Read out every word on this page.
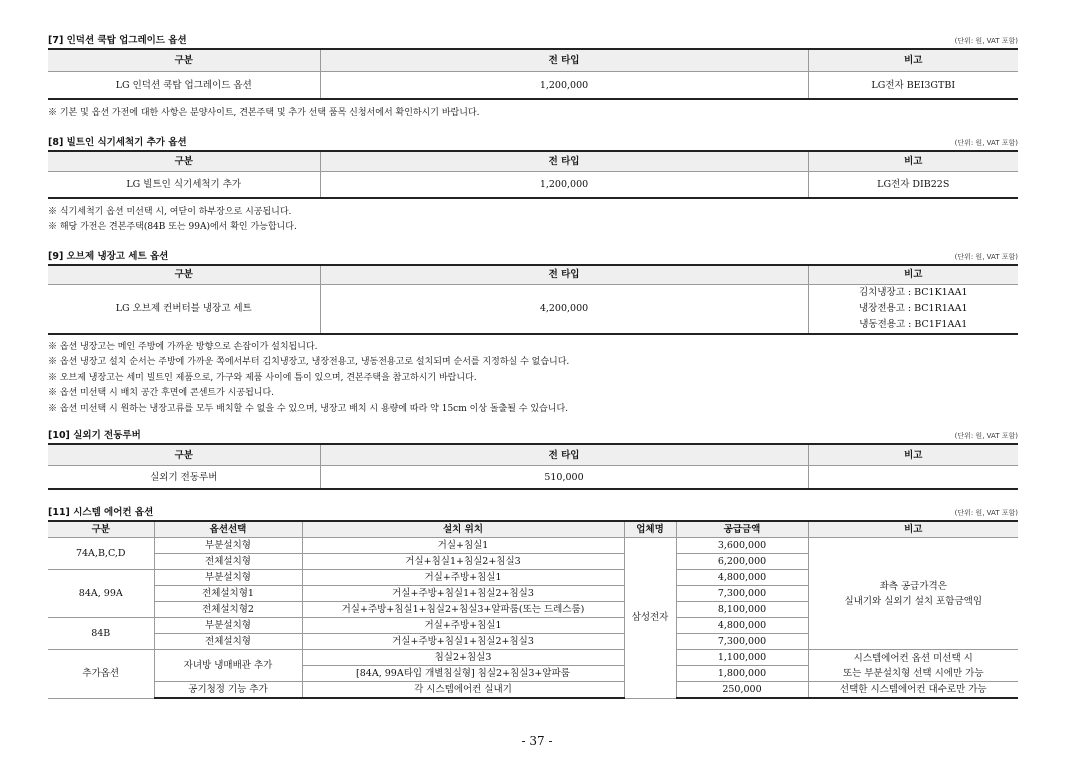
[7] 인덕션 쿡탑 업그레이드 옵션	(단위: 원, VAT 포함)
구분	전 타입	비고
LG 인덕션 쿡탑 업그레이드 옵션	1,200,000	LG전자 BEI3GTBI
※ 기본 및 옵션 가전에 대한 사항은 분양사이트, 견본주택 및 추가 선택 품목 신청서에서 확인하시기 바랍니다.
[8] 빌트인 식기세척기 추가 옵션	(단위: 원, VAT 포함)
구분	전 타입	비고
LG 빌트인 식기세척기 추가	1,200,000	LG전자 DIB22S
※ 식기세척기 옵션 미선택 시, 여닫이 하부장으로 시공됩니다.
※ 해당 가전은 견본주택(84B 또는 99A)에서 확인 가능합니다.
[9] 오브제 냉장고 세트 옵션	(단위: 원, VAT 포함)
구분	전 타입	비고
LG 오브제 컨버터블 냉장고 세트	4,200,000	김치냉장고 : BC1K1AA1
냉장전용고 : BC1R1AA1
냉동전용고 : BC1F1AA1
※ 옵션 냉장고는 메인 주방에 가까운 방향으로 손잡이가 설치됩니다.
※ 옵션 냉장고 설치 순서는 주방에 가까운 쪽에서부터 김치냉장고, 냉장전용고, 냉동전용고로 설치되며 순서를 지정하실 수 없습니다.
※ 오브제 냉장고는 세미 빌트인 제품으로, 가구와 제품 사이에 틈이 있으며, 견본주택을 참고하시기 바랍니다.
※ 옵션 미선택 시 배치 공간 후면에 콘센트가 시공됩니다.
※ 옵션 미선택 시 원하는 냉장고류를 모두 배치할 수 없을 수 있으며, 냉장고 배치 시 용량에 따라 약 15cm 이상 돌출될 수 있습니다.
[10] 실외기 전동루버	(단위: 원, VAT 포함)
구분	전 타입	비고
실외기 전동루버	510,000	
[11] 시스템 에어컨 옵션	(단위: 원, VAT 포함)
구분	옵션선택	설치 위치	업체명	공급금액	비고
74A,B,C,D	부분설치형	거실+침실1	삼성전자	3,600,000	좌측 공급가격은
실내기와 실외기 설치 포함금액임

	전체설치형	거실+침실1+침실2+침실3		6,200,000	
84A, 99A	부분설치형	거실+주방+침실1		4,800,000	
	전체설치형1	거실+주방+침실1+침실2+침실3		7,300,000	
	전체설치형2	거실+주방+침실1+침실2+침실3+알파룸(또는 드레스룸)		8,100,000	
84B	부분설치형	거실+주방+침실1		4,800,000	
	전체설치형	거실+주방+침실1+침실2+침실3		7,300,000	
추가옵션	자녀방 냉매배관 추가	침실2+침실3		1,100,000	시스템에어컨 옵션 미선택 시
또는 부분설치형 선택 시에만 가능

		[84A, 99A타입 개별침실형] 침실2+침실3+알파룸		1,800,000	
	공기청정 기능 추가	각 시스템에어컨 실내기		250,000	선택한 시스템에어컨 대수로만 가능
- 37 -
